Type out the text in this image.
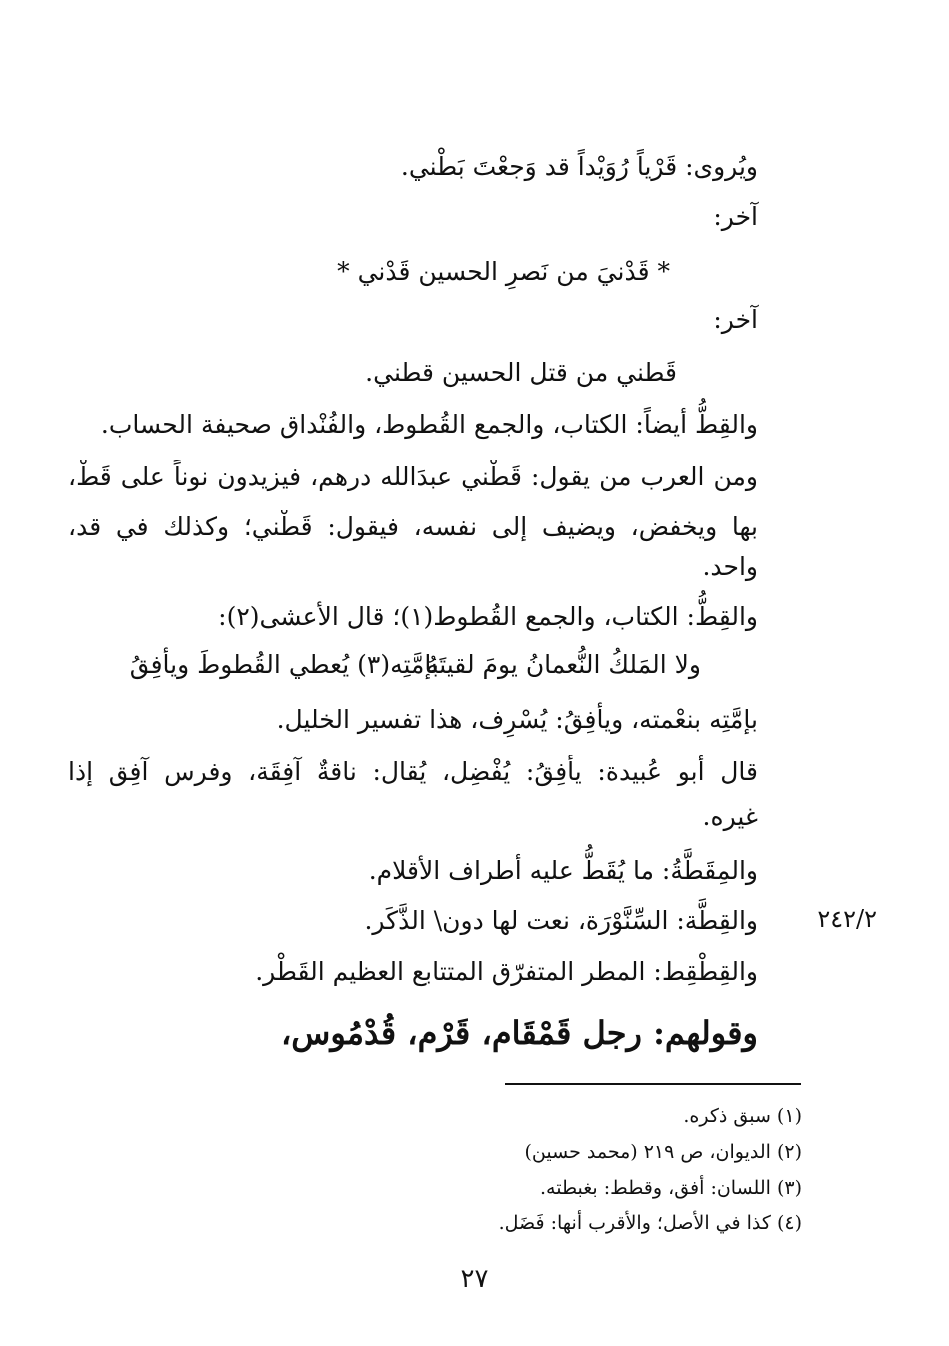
ويُروى: قَرْياً رُوَيْداً قد وَجعْتَ بَطْني.

آخر:

* قَدْنيَ من نَصرِ الحسين قَدْني *

آخر:

قَطني من قتل الحسين قطني.

والقِطُّ أيضاً: الكتاب، والجمع القُطوط، والفُنْداق صحيفة الحساب.

ومن العرب من يقول: قَطْني عبدَالله درهم، فيزيدون نوناً على قَطْ،

بها ويخفض، ويضيف إلى نفسه، فيقول: قَطْني؛ وكذلك في قد،

واحد.

والقِطُّ: الكتاب، والجمع القُطوط(١)؛ قال الأعشى(٢):

ولا المَلكُ النُّعمانُ يومَ لقيتَهُ
بإمَّتِه(٣) يُعطي القُطوطَ ويأفِقُ

بإمَّتِه بنعْمته، ويأفِقُ: يُسْرِف، هذا تفسير الخليل.

قال أبو عُبيدة: يأفِقُ: يُفْضِل، يُقال: ناقةٌ آفِقَة، وفرس آفِق إذا

غيره.

والمِقَطَّةُ: ما يُقَطُّ عليه أطراف الأقلام.

والقِطَّة: السِّنَّوْرَة، نعت لها دون\ الذَّكَر.

والقِطْقِط: المطر المتفرّق المتتابع العظيم القَطْر.

٢٤٢/٢

وقولهم: رجل قَمْقَام، قَرْم، قُدْمُوس،

(١) سبق ذكره.
(٢) الديوان، ص ٢١٩ (محمد حسين)
(٣) اللسان: أفق، وقطط: بغبطته.
(٤) كذا في الأصل؛ والأقرب أنها: فَضَل.
٢٧
